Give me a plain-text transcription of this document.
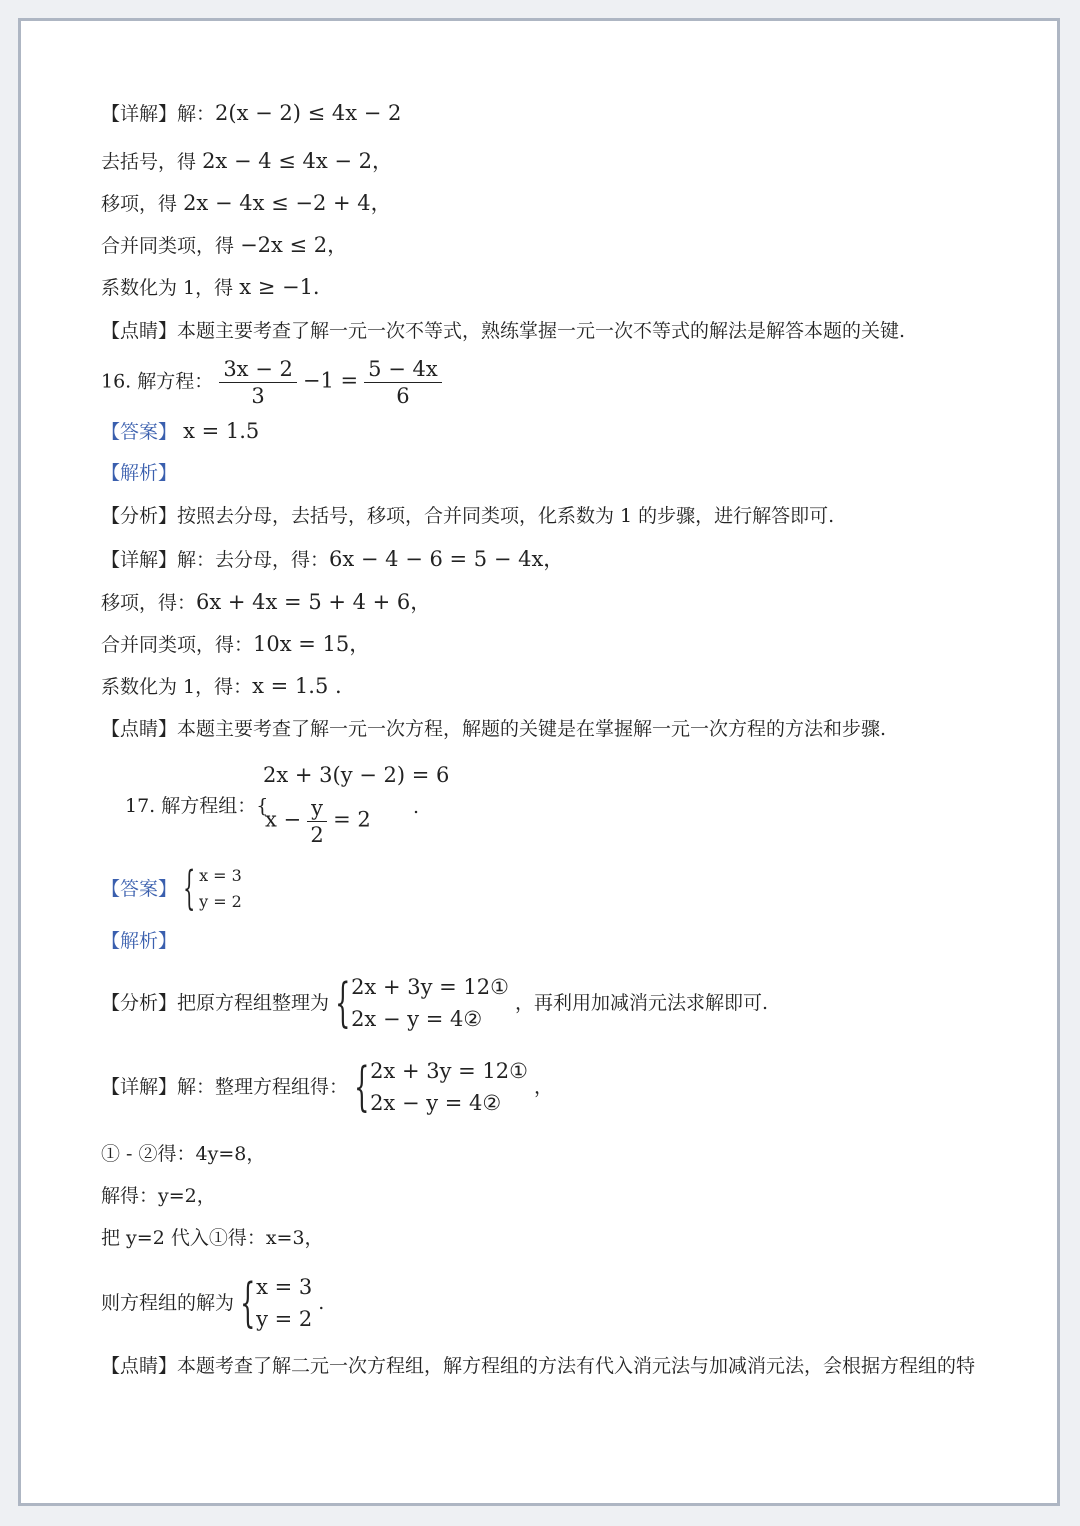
【详解】解：2(x − 2) ≤ 4x − 2
去括号，得 2x − 4 ≤ 4x − 2，
移项，得 2x − 4x ≤ −2 + 4，
合并同类项，得 −2x ≤ 2，
系数化为 1，得 x ≥ −1.
【点睛】本题主要考查了解一元一次不等式，熟练掌握一元一次不等式的解法是解答本题的关键.
16. 解方程： $\frac{3x - 2}{3} -1 = \frac{5 - 4x}{6}$
【答案】 x = 1.5
【解析】
【分析】按照去分母，去括号，移项，合并同类项，化系数为 1 的步骤，进行解答即可.
【详解】解：去分母，得：6x − 4 − 6 = 5 − 4x，
移项，得：6x + 4x = 5 + 4 + 6，
合并同类项，得：10x = 15，
系数化为 1，得：x = 1.5 .
【点睛】本题主要考查了解一元一次方程，解题的关键是在掌握解一元一次方程的方法和步骤.
2x + 3(y − 2) = 6
17. 解方程组：{
$x - \frac{y}{2} = 2$
.
【答案】 { x = 3
y = 2
【解析】
【分析】把原方程组整理为 { 2x + 3y = 12①
2x − y = 4②
，再利用加减消元法求解即可.
【详解】解：整理方程组得： { 2x + 3y = 12①
2x − y = 4②
，
① - ②得：4y=8，
解得：y=2，
把 y=2 代入①得：x=3，
则方程组的解为 { x = 3
y = 2
.
【点睛】本题考查了解二元一次方程组，解方程组的方法有代入消元法与加减消元法，会根据方程组的特
